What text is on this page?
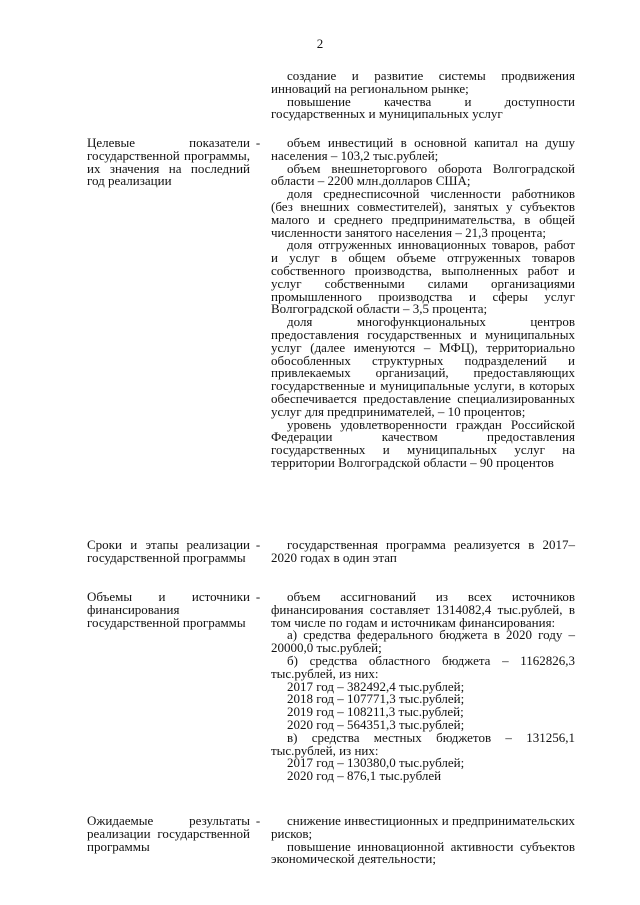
2

создание и развитие системы продвижения инноваций на региональном рынке;

повышение качества и доступности государственных и муниципальных услуг

Целевые показатели государственной программы, их значения на последний год реализации
-	объем инвестиций в основной капитал на душу населения – 103,2 тыс.рублей;

объем внешнеторгового оборота Волгоградской области – 2200 млн.долларов США;

доля среднесписочной численности работников (без внешних совместителей), занятых у субъектов малого и среднего предпринимательства, в общей численности занятого населения – 21,3 процента;

доля отгруженных инновационных товаров, работ и услуг в общем объеме отгруженных товаров собственного производства, выполненных работ и услуг собственными силами организациями промышленного производства и сферы услуг Волгоградской области – 3,5 процента;

доля многофункциональных центров предоставления государственных и муниципальных услуг (далее именуются – МФЦ), территориально обособленных структурных подразделений и привлекаемых организаций, предоставляющих государственные и муниципальные услуги, в которых обеспечивается предоставление специализированных услуг для предпринимателей, – 10 процентов;

уровень удовлетворенности граждан Российской Федерации качеством предоставления государственных и муниципальных услуг на территории Волгоградской области – 90 процентов

Сроки и этапы реализации государственной программы
-	государственная программа реализуется в 2017–2020 годах в один этап

Объемы и источники финансирования государственной программы
-	объем ассигнований из всех источников финансирования составляет 1314082,4 тыс.рублей, в том числе по годам и источникам финансирования:

а) средства федерального бюджета в 2020 году – 20000,0 тыс.рублей;

б) средства областного бюджета – 1162826,3 тыс.рублей, из них:

2017 год – 382492,4 тыс.рублей;

2018 год – 107771,3 тыс.рублей;

2019 год – 108211,3 тыс.рублей;

2020 год – 564351,3 тыс.рублей;

в) средства местных бюджетов – 131256,1 тыс.рублей, из них:

2017 год – 130380,0 тыс.рублей;

2020 год – 876,1 тыс.рублей

Ожидаемые результаты реализации государственной программы
-	снижение инвестиционных и предпринимательских рисков;

повышение инновационной активности субъектов экономической деятельности;
